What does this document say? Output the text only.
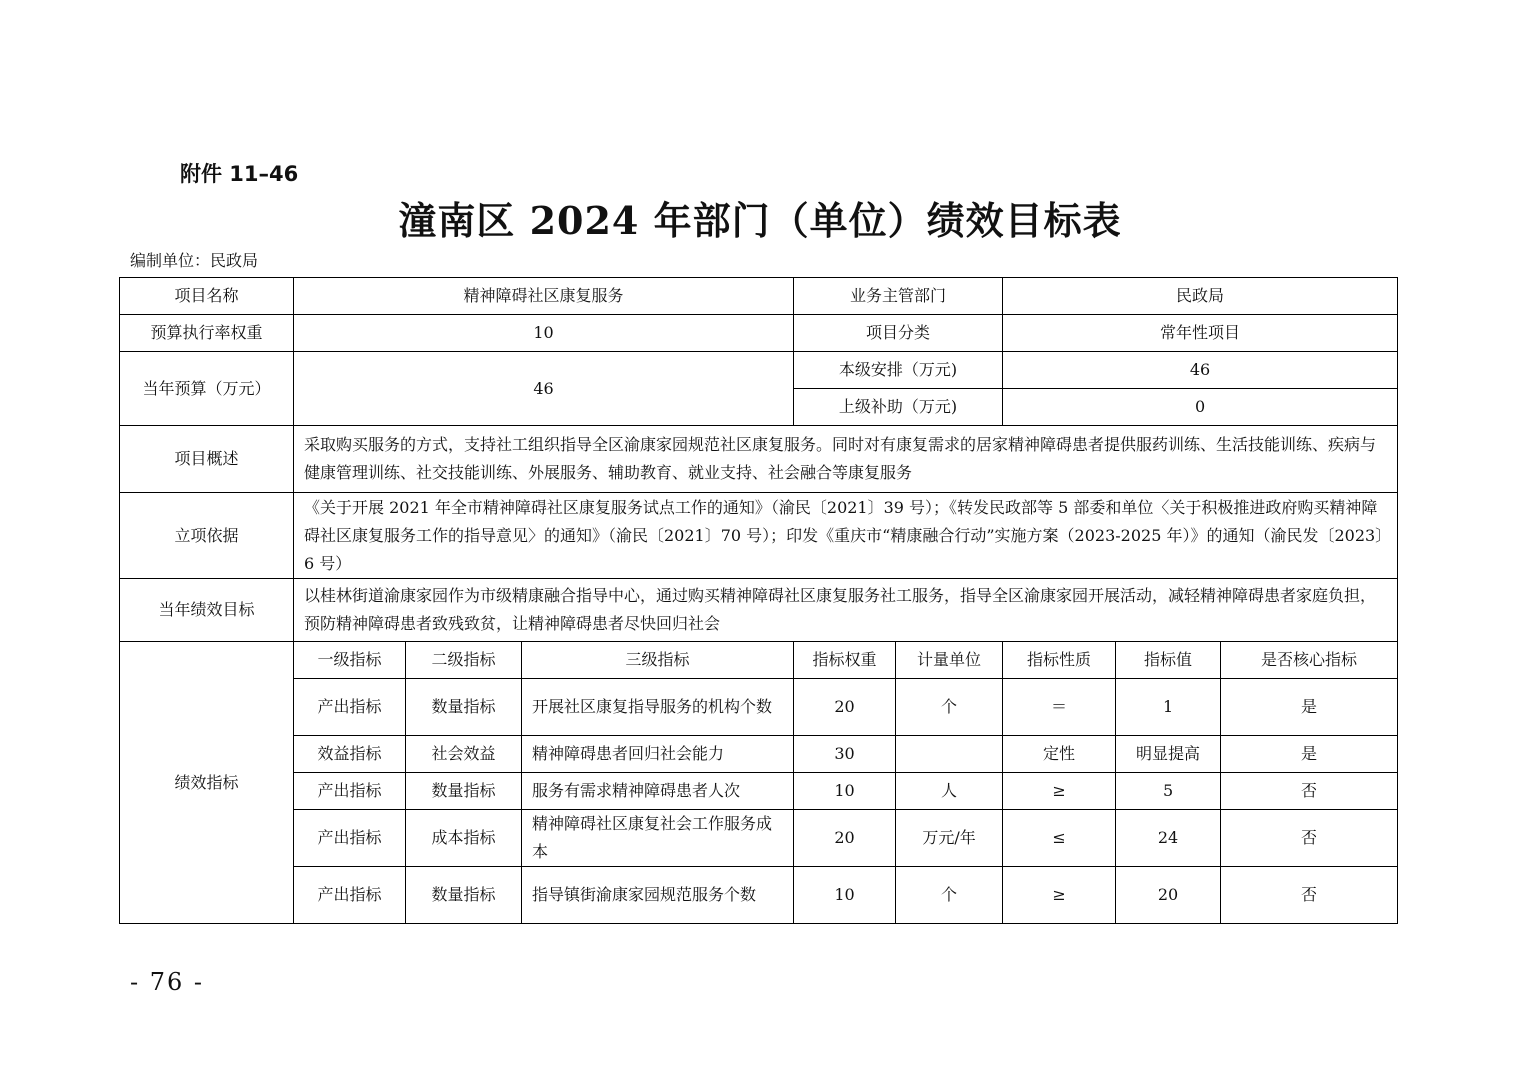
附件 11–46
潼南区 2024 年部门（单位）绩效目标表
编制单位：民政局
项目名称	精神障碍社区康复服务			业务主管部门		民政局		
预算执行率权重	10			项目分类		常年性项目		
当年预算（万元）	46			本级安排（万元)		46		
				上级补助（万元)		0		
项目概述	采取购买服务的方式，支持社工组织指导全区渝康家园规范社区康复服务。同时对有康复需求的居家精神障碍患者提供服药训练、生活技能训练、疾病与健康管理训练、社交技能训练、外展服务、辅助教育、就业支持、社会融合等康复服务							
立项依据	《关于开展 2021 年全市精神障碍社区康复服务试点工作的通知》（渝民〔2021〕39 号）；《转发民政部等 5 部委和单位〈关于积极推进政府购买精神障碍社区康复服务工作的指导意见〉的通知》（渝民〔2021〕70 号）；印发《重庆市“精康融合行动”实施方案（2023-2025 年）》的通知（渝民发〔2023〕6 号）							
当年绩效目标	以桂林街道渝康家园作为市级精康融合指导中心，通过购买精神障碍社区康复服务社工服务，指导全区渝康家园开展活动，减轻精神障碍患者家庭负担，预防精神障碍患者致残致贫，让精神障碍患者尽快回归社会							
绩效指标	一级指标	二级指标	三级指标	指标权重	计量单位	指标性质	指标值	是否核心指标
	产出指标	数量指标	开展社区康复指导服务的机构个数	20	个	＝	1	是
	效益指标	社会效益	精神障碍患者回归社会能力	30		定性	明显提高	是
	产出指标	数量指标	服务有需求精神障碍患者人次	10	人	≥	5	否
	产出指标	成本指标	精神障碍社区康复社会工作服务成本	20	万元/年	≤	24	否
	产出指标	数量指标	指导镇街渝康家园规范服务个数	10	个	≥	20	否
- 76 -
